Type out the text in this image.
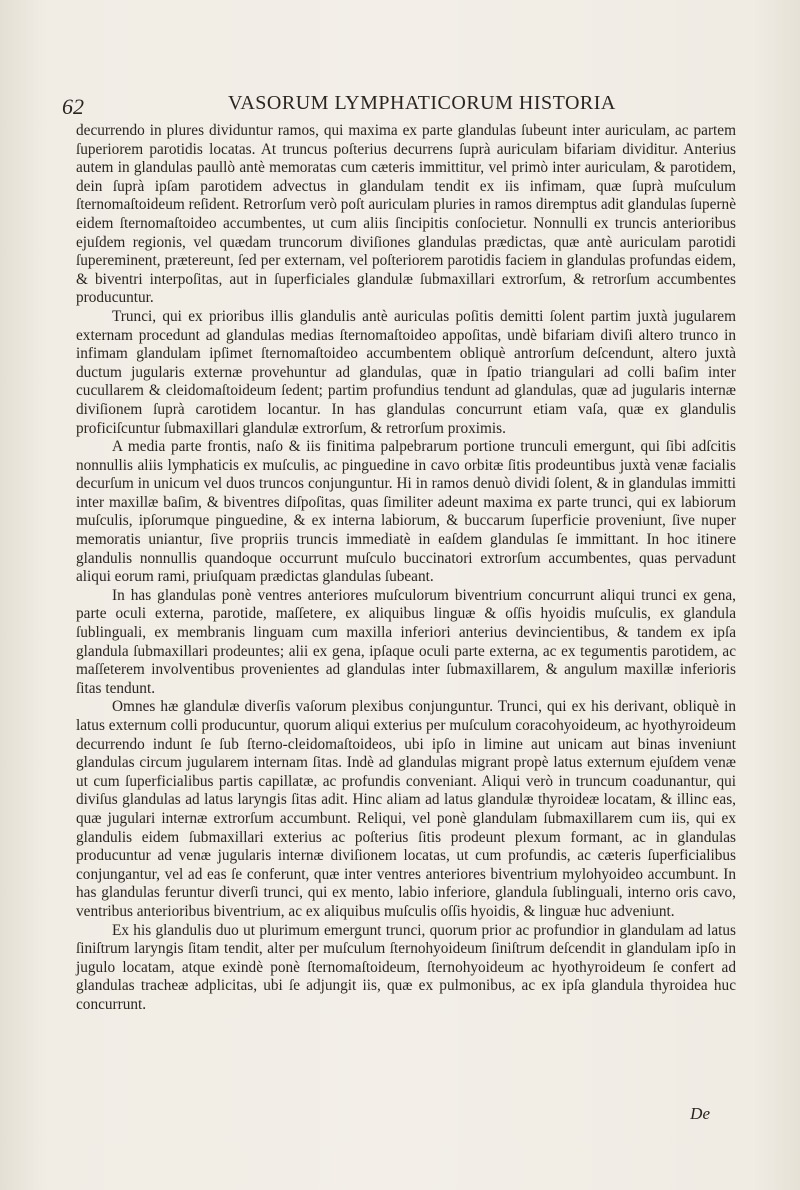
62	VASORUM LYMPHATICORUM HISTORIA

decurrendo in plures dividuntur ramos, qui maxima ex parte glandulas ſubeunt inter auriculam, ac partem ſuperiorem parotidis locatas. At truncus poſterius decurrens ſuprà auriculam bifariam dividitur. Anterius autem in glandulas paullò antè memoratas cum cæteris immittitur, vel primò inter auriculam, & parotidem, dein ſuprà ipſam parotidem advectus in glandulam tendit ex iis infimam, quæ ſuprà muſculum ſternomaſtoideum reſident. Retrorſum verò poſt auriculam pluries in ramos diremptus adit glandulas ſupernè eidem ſternomaſtoideo accumbentes, ut cum aliis ſincipitis conſocietur. Nonnulli ex truncis anterioribus ejuſdem regionis, vel quædam truncorum diviſiones glandulas prædictas, quæ antè auriculam parotidi ſupereminent, prætereunt, ſed per externam, vel poſteriorem parotidis faciem in glandulas profundas eidem, & biventri interpoſitas, aut in ſuperficiales glandulæ ſubmaxillari extrorſum, & retrorſum accumbentes producuntur.

Trunci, qui ex prioribus illis glandulis antè auriculas poſitis demitti ſolent partim juxtà jugularem externam procedunt ad glandulas medias ſternomaſtoideo appoſitas, undè bifariam diviſi altero trunco in infimam glandulam ipſimet ſternomaſtoideo accumbentem obliquè antrorſum deſcendunt, altero juxtà ductum jugularis externæ provehuntur ad glandulas, quæ in ſpatio triangulari ad colli baſim inter cucullarem & cleidomaſtoideum ſedent; partim profundius tendunt ad glandulas, quæ ad jugularis internæ diviſionem ſuprà carotidem locantur. In has glandulas concurrunt etiam vaſa, quæ ex glandulis proficiſcuntur ſubmaxillari glandulæ extrorſum, & retrorſum proximis.

A media parte frontis, naſo & iis finitima palpebrarum portione trunculi emergunt, qui ſibi adſcitis nonnullis aliis lymphaticis ex muſculis, ac pinguedine in cavo orbitæ ſitis prodeuntibus juxtà venæ facialis decurſum in unicum vel duos truncos conjunguntur. Hi in ramos denuò dividi ſolent, & in glandulas immitti inter maxillæ baſim, & biventres diſpoſitas, quas ſimiliter adeunt maxima ex parte trunci, qui ex labiorum muſculis, ipſorumque pinguedine, & ex interna labiorum, & buccarum ſuperficie proveniunt, ſive nuper memoratis uniantur, ſive propriis truncis immediatè in eaſdem glandulas ſe immittant. In hoc itinere glandulis nonnullis quandoque occurrunt muſculo buccinatori extrorſum accumbentes, quas pervadunt aliqui eorum rami, priuſquam prædictas glandulas ſubeant.

In has glandulas ponè ventres anteriores muſculorum biventrium concurrunt aliqui trunci ex gena, parte oculi externa, parotide, maſſetere, ex aliquibus linguæ & oſſis hyoidis muſculis, ex glandula ſublinguali, ex membranis linguam cum maxilla inferiori anterius devincientibus, & tandem ex ipſa glandula ſubmaxillari prodeuntes; alii ex gena, ipſaque oculi parte externa, ac ex tegumentis parotidem, ac maſſeterem involventibus provenientes ad glandulas inter ſubmaxillarem, & angulum maxillæ inferioris ſitas tendunt.

Omnes hæ glandulæ diverſis vaſorum plexibus conjunguntur. Trunci, qui ex his derivant, obliquè in latus externum colli producuntur, quorum aliqui exterius per muſculum coracohyoideum, ac hyothyroideum decurrendo indunt ſe ſub ſterno-cleidomaſtoideos, ubi ipſo in limine aut unicam aut binas inveniunt glandulas circum jugularem internam ſitas. Indè ad glandulas migrant propè latus externum ejuſdem venæ ut cum ſuperficialibus partis capillatæ, ac profundis conveniant. Aliqui verò in truncum coadunantur, qui diviſus glandulas ad latus laryngis ſitas adit. Hinc aliam ad latus glandulæ thyroideæ locatam, & illinc eas, quæ jugulari internæ extrorſum accumbunt. Reliqui, vel ponè glandulam ſubmaxillarem cum iis, qui ex glandulis eidem ſubmaxillari exterius ac poſterius ſitis prodeunt plexum formant, ac in glandulas producuntur ad venæ jugularis internæ diviſionem locatas, ut cum profundis, ac cæteris ſuperficialibus conjungantur, vel ad eas ſe conferunt, quæ inter ventres anteriores biventrium mylohyoideo accumbunt. In has glandulas feruntur diverſi trunci, qui ex mento, labio inferiore, glandula ſublinguali, interno oris cavo, ventribus anterioribus biventrium, ac ex aliquibus muſculis oſſis hyoidis, & linguæ huc adveniunt.

Ex his glandulis duo ut plurimum emergunt trunci, quorum prior ac profundior in glandulam ad latus ſiniſtrum laryngis ſitam tendit, alter per muſculum ſternohyoideum ſiniſtrum deſcendit in glandulam ipſo in jugulo locatam, atque exindè ponè ſternomaſtoideum, ſternohyoideum ac hyothyroideum ſe confert ad glandulas tracheæ adplicitas, ubi ſe adjungit iis, quæ ex pulmonibus, ac ex ipſa glandula thyroidea huc concurrunt.

De
